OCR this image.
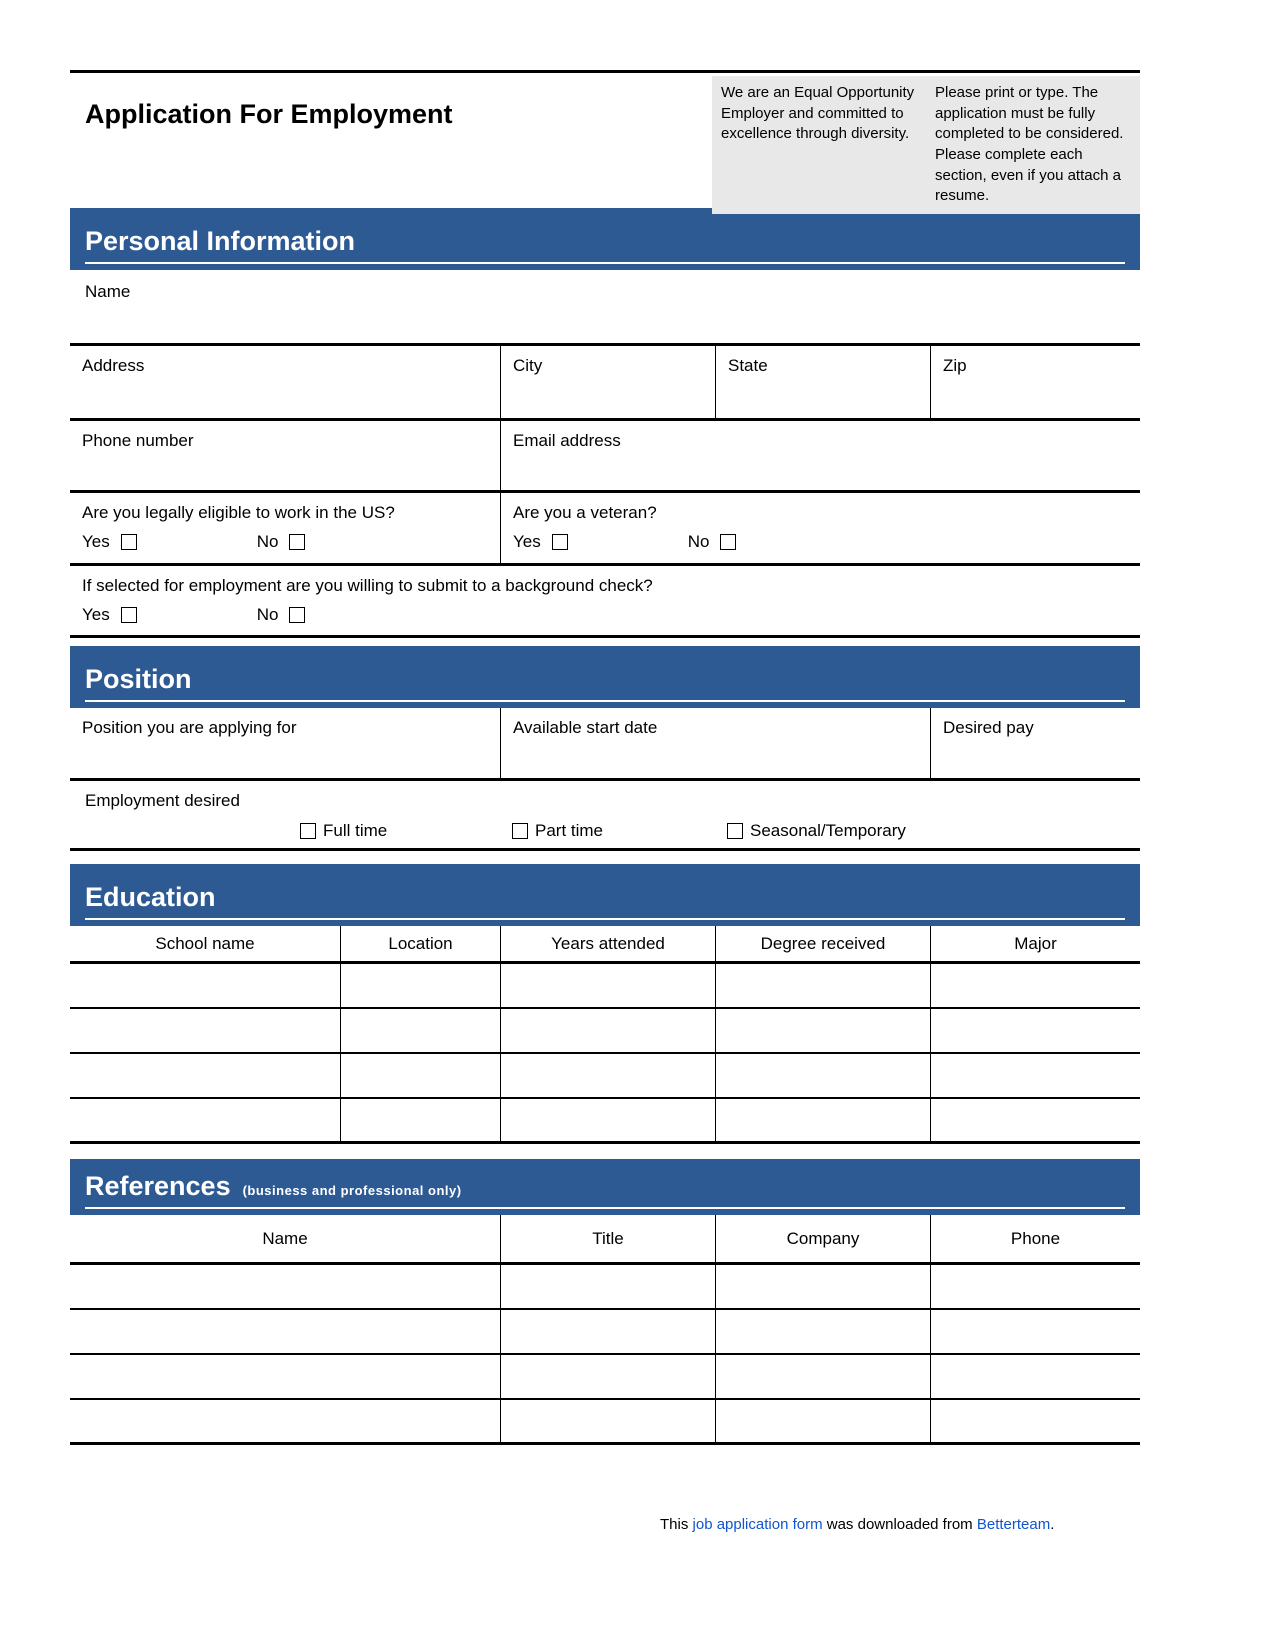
Application For Employment
We are an Equal Opportunity Employer and committed to excellence through diversity.
Please print or type. The application must be fully completed to be considered. Please complete each section, even if you attach a resume.
Personal Information
Name
Address	City	State	Zip
Phone number	Email address
Are you legally eligible to work in the US?
Yes	No
Are you a veteran?
Yes	No
If selected for employment are you willing to submit to a background check?
Yes	No
Position
Position you are applying for	Available start date	Desired pay
Employment desired
Full time	Part time	Seasonal/Temporary
Education
School name	Location	Years attended	Degree received	Major
References (business and professional only)
Name	Title	Company	Phone
This job application form was downloaded from Betterteam.
